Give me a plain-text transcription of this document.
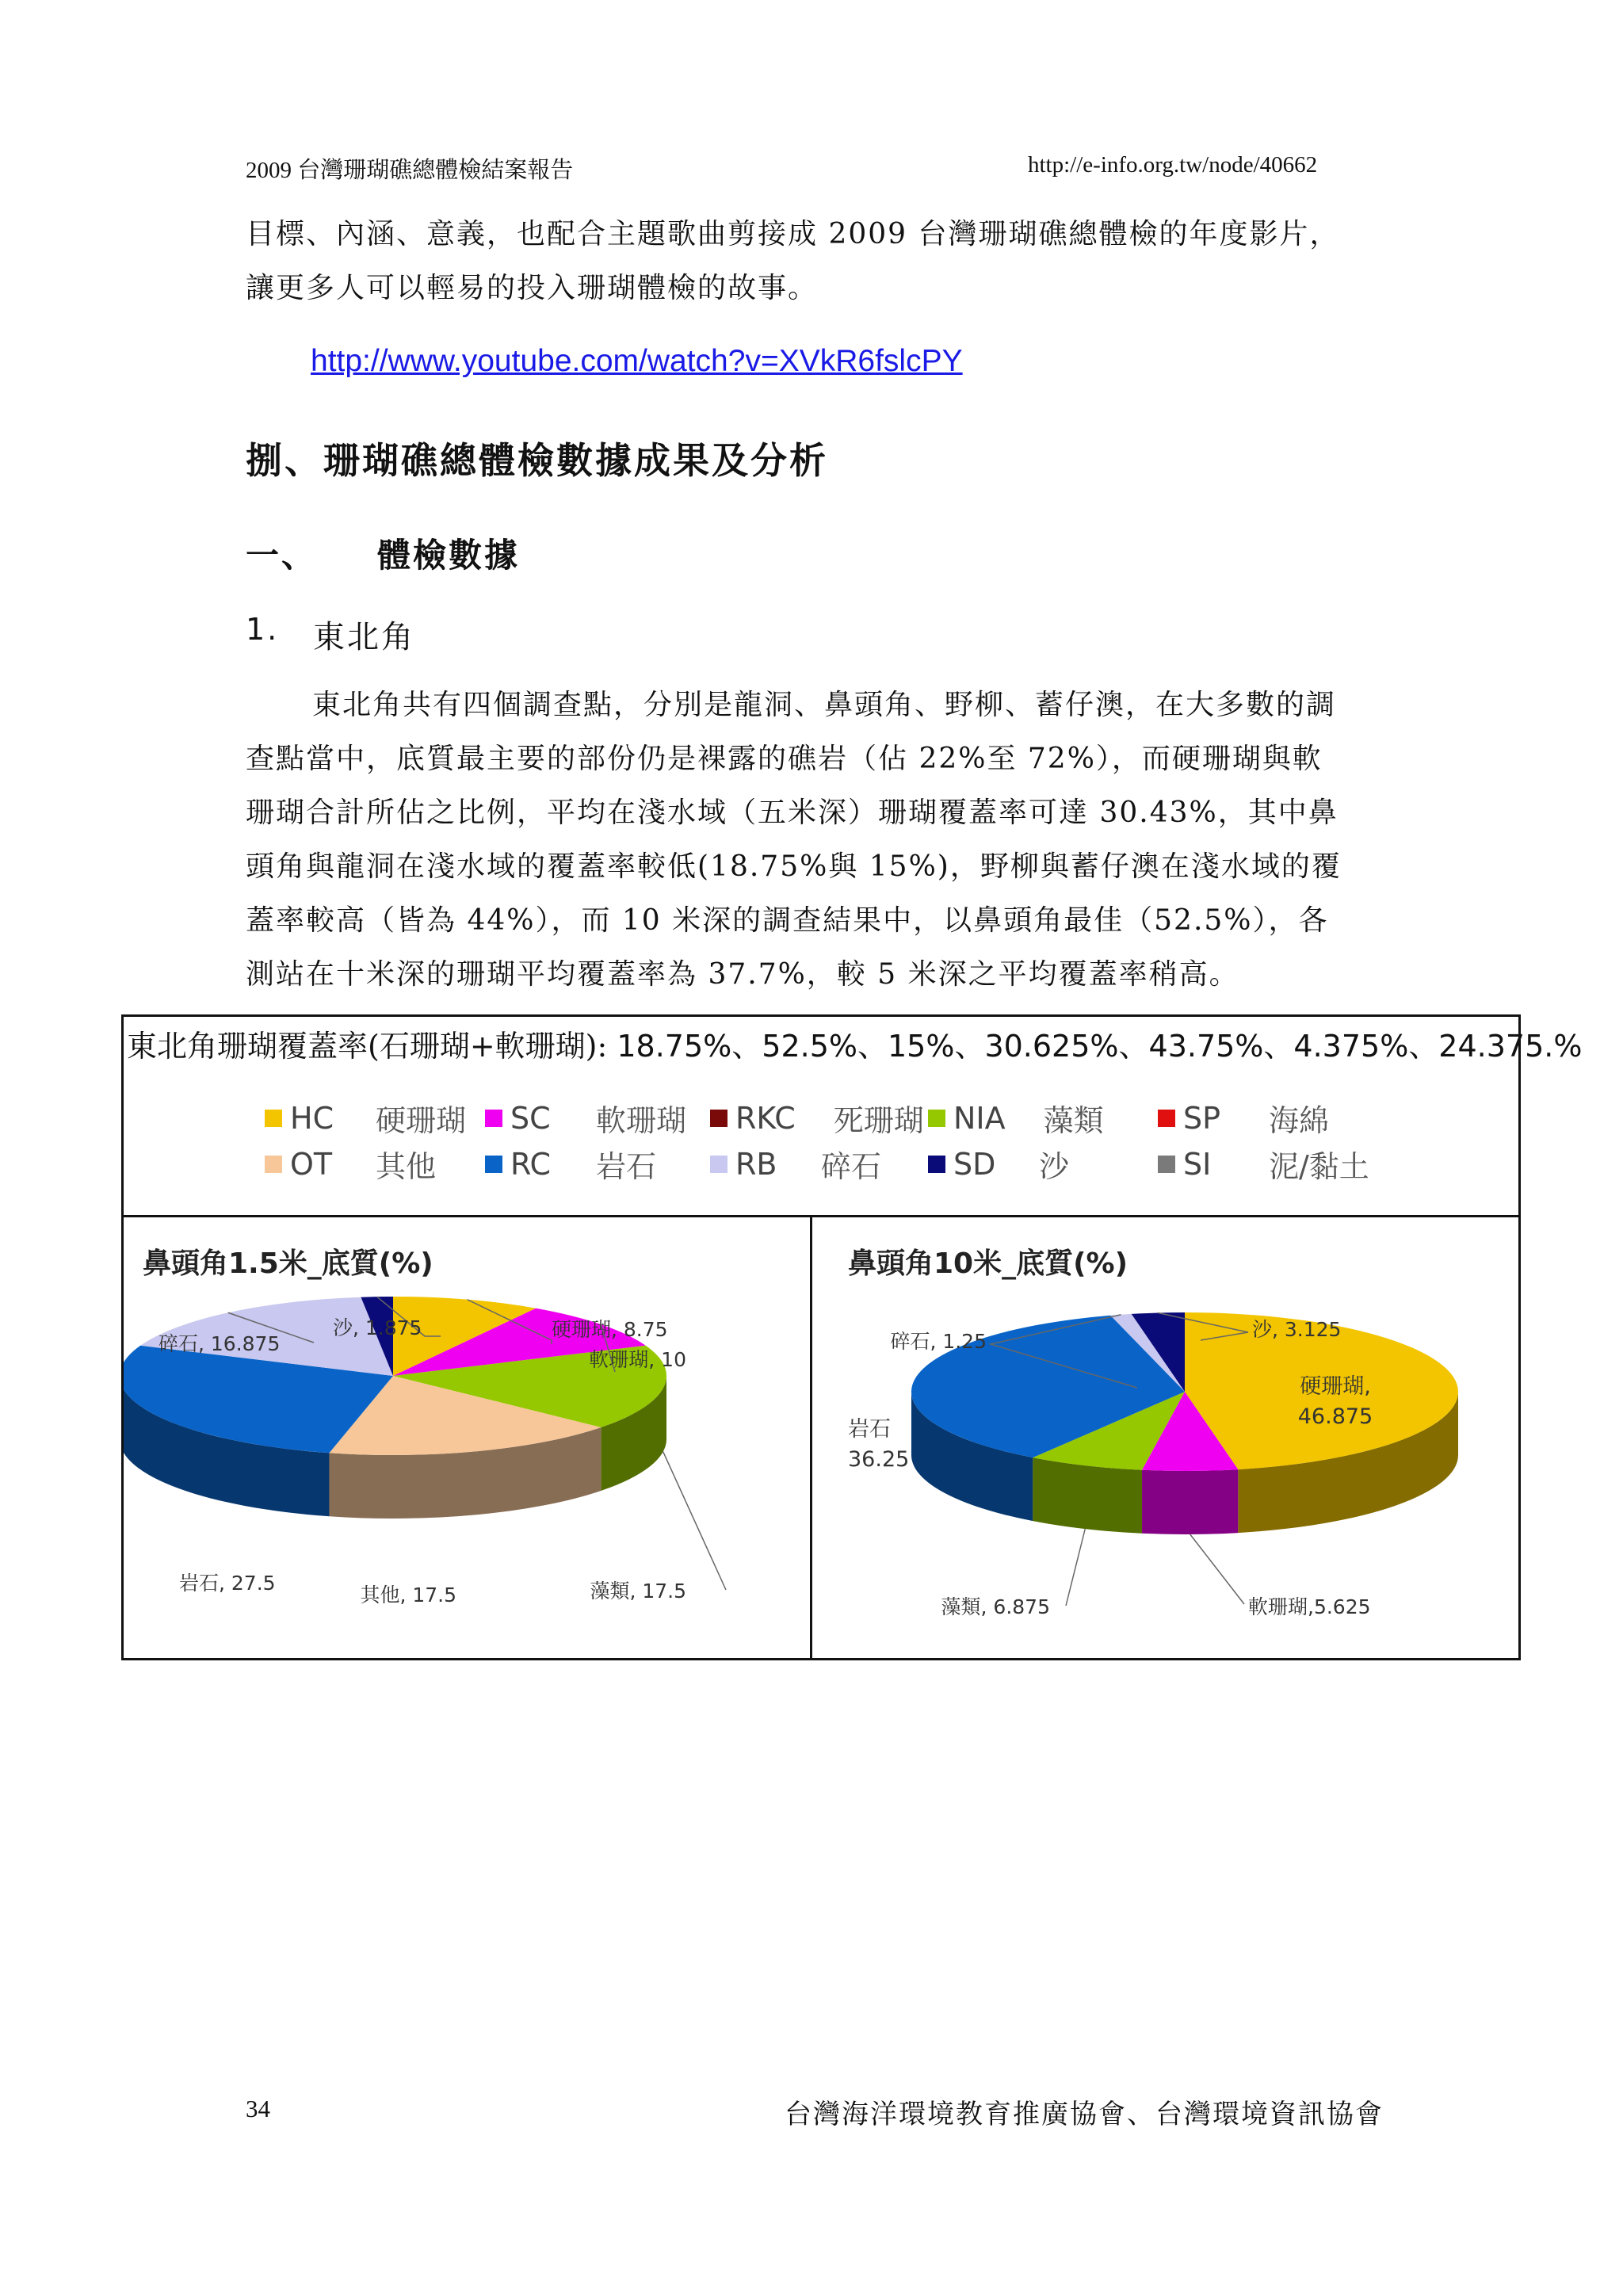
2009 台灣珊瑚礁總體檢結案報告	http://e-info.org.tw/node/40662
目標、內涵、意義，也配合主題歌曲剪接成 2009 台灣珊瑚礁總體檢的年度影片，
讓更多人可以輕易的投入珊瑚體檢的故事。
http://www.youtube.com/watch?v=XVkR6fslcPY
捌、珊瑚礁總體檢數據成果及分析
一、 體檢數據
1. 東北角
東北角共有四個調查點，分別是龍洞、鼻頭角、野柳、蓄仔澳，在大多數的調
查點當中，底質最主要的部份仍是裸露的礁岩（佔 22%至 72%），而硬珊瑚與軟
珊瑚合計所佔之比例，平均在淺水域（五米深）珊瑚覆蓋率可達 30.43%，其中鼻
頭角與龍洞在淺水域的覆蓋率較低(18.75%與 15%)，野柳與蓄仔澳在淺水域的覆
蓋率較高（皆為 44%），而 10 米深的調查結果中，以鼻頭角最佳（52.5%），各
測站在十米深的珊瑚平均覆蓋率為 37.7%，較 5 米深之平均覆蓋率稍高。
東北角珊瑚覆蓋率(石珊瑚+軟珊瑚): 18.75%、52.5%、15%、30.625%、43.75%、4.375%、24.375.%
HC 硬珊瑚 SC 軟珊瑚 RKC 死珊瑚 NIA 藻類	SP	海綿
OT 其他 RC 岩石	RB 碎石 SD 沙	SI	泥/黏土
鼻頭角1.5米_底質(%)
硬珊瑚, 8.75
軟珊瑚, 10
藻類, 17.5
其他, 17.5
岩石, 27.5
碎石, 16.875
沙, 1.875
鼻頭角10米_底質(%)
硬珊瑚,
46.875
軟珊瑚,5.625
藻類, 6.875
岩石
36.25
碎石, 1.25
沙, 3.125
34	台灣海洋環境教育推廣協會、台灣環境資訊協會
